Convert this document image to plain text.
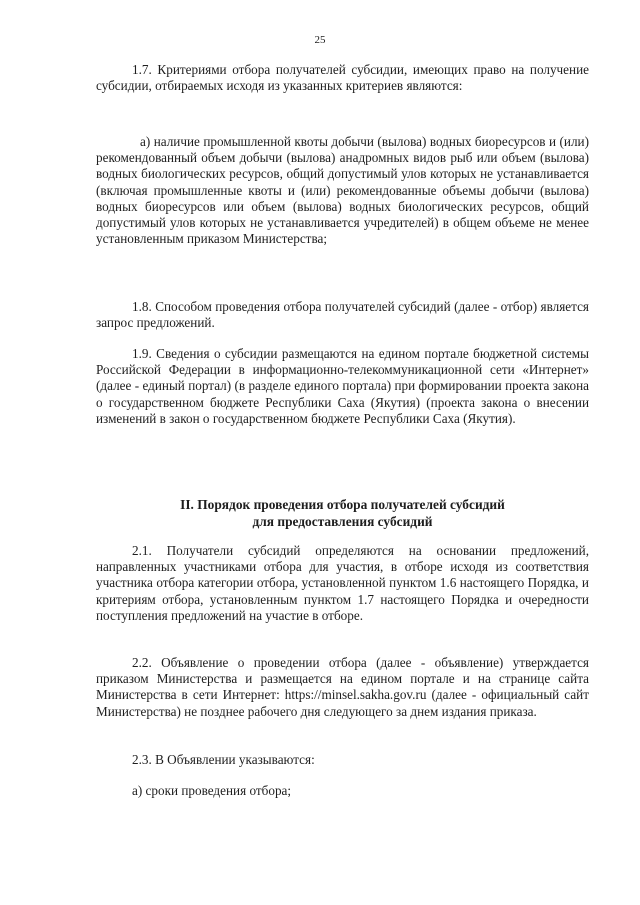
25

1.7. Критериями отбора получателей субсидии, имеющих право на получение субсидии, отбираемых исходя из указанных критериев являются:

а) наличие промышленной квоты добычи (вылова) водных биоресурсов и (или) рекомендованный объем добычи (вылова) анадромных видов рыб или объем (вылова) водных биологических ресурсов, общий допустимый улов которых не устанавливается (включая промышленные квоты и (или) рекомендованные объемы добычи (вылова) водных биоресурсов или объем (вылова) водных биологических ресурсов, общий допустимый улов которых не устанавливается учредителей) в общем объеме не менее установленным приказом Министерства;

1.8. Способом проведения отбора получателей субсидий (далее - отбор) является запрос предложений.

1.9. Сведения о субсидии размещаются на едином портале бюджетной системы Российской Федерации в информационно-телекоммуникационной сети «Интернет» (далее - единый портал) (в разделе единого портала) при формировании проекта закона о государственном бюджете Республики Саха (Якутия) (проекта закона о внесении изменений в закон о государственном бюджете Республики Саха (Якутия).

II. Порядок проведения отбора получателей субсидий
для предоставления субсидий

2.1. Получатели субсидий определяются на основании предложений, направленных участниками отбора для участия, в отборе исходя из соответствия участника отбора категории отбора, установленной пунктом 1.6 настоящего Порядка, и критериям отбора, установленным пунктом 1.7 настоящего Порядка и очередности поступления предложений на участие в отборе.

2.2. Объявление о проведении отбора (далее - объявление) утверждается приказом Министерства и размещается на едином портале и на странице сайта Министерства в сети Интернет: https://minsel.sakha.gov.ru (далее - официальный сайт Министерства) не позднее рабочего дня следующего за днем издания приказа.

2.3. В Объявлении указываются:

а) сроки проведения отбора;
